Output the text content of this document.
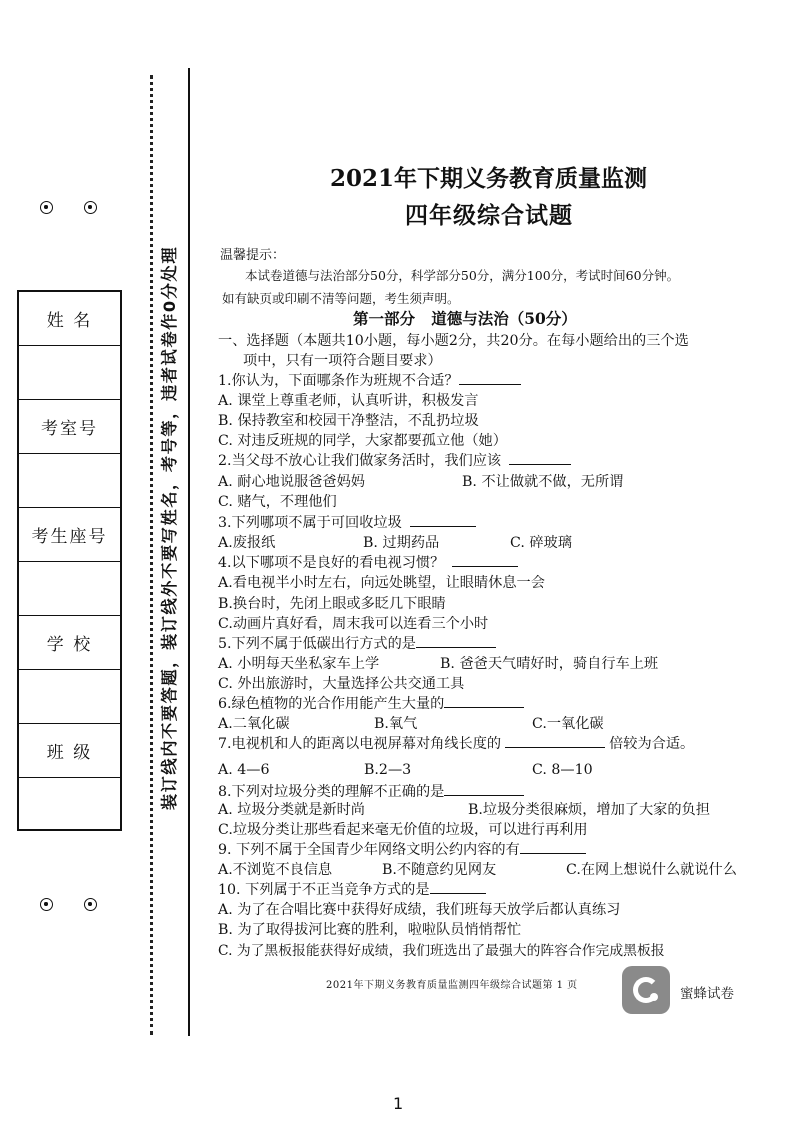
姓 名
考室号
考生座号
学 校
班 级	装订线内不要答题，装订线外不要写姓名，考号等，违者试卷作0分处理
2021年下期义务教育质量监测
四年级综合试题
温馨提示：
本试卷道德与法治部分50分，科学部分50分，满分100分，考试时间60分钟。
如有缺页或印刷不清等问题，考生须声明。
第一部分   道德与法治（50分）
一、选择题（本题共10小题，每小题2分，共20分。在每小题给出的三个选
项中，只有一项符合题目要求）
1.你认为，下面哪条作为班规不合适？
A. 课堂上尊重老师，认真听讲，积极发言
B. 保持教室和校园干净整洁，不乱扔垃圾
C. 对违反班规的同学，大家都要孤立他（她）
2.当父母不放心让我们做家务活时，我们应该
A. 耐心地说服爸爸妈妈	B. 不让做就不做，无所谓
C. 赌气，不理他们
3.下列哪项不属于可回收垃圾
A.废报纸	B. 过期药品	C. 碎玻璃
4.以下哪项不是良好的看电视习惯？
A.看电视半小时左右，向远处眺望，让眼睛休息一会
B.换台时，先闭上眼或多眨几下眼睛
C.动画片真好看，周末我可以连看三个小时
5.下列不属于低碳出行方式的是
A. 小明每天坐私家车上学	B. 爸爸天气晴好时，骑自行车上班
C. 外出旅游时，大量选择公共交通工具
6.绿色植物的光合作用能产生大量的
A.二氧化碳	B.氧气	C.一氧化碳
7.电视机和人的距离以电视屏幕对角线长度的	倍较为合适。
A. 4—6	B.2—3	C. 8—10
8.下列对垃圾分类的理解不正确的是
A. 垃圾分类就是新时尚	B.垃圾分类很麻烦，增加了大家的负担
C.垃圾分类让那些看起来毫无价值的垃圾，可以进行再利用
9. 下列不属于全国青少年网络文明公约内容的有
A.不浏览不良信息	B.不随意约见网友	C.在网上想说什么就说什么
10. 下列属于不正当竞争方式的是
A. 为了在合唱比赛中获得好成绩，我们班每天放学后都认真练习
B. 为了取得拔河比赛的胜利，啦啦队员悄悄帮忙
C. 为了黑板报能获得好成绩，我们班选出了最强大的阵容合作完成黑板报
2021年下期义务教育质量监测四年级综合试题第 1 页
蜜蜂试卷
1
